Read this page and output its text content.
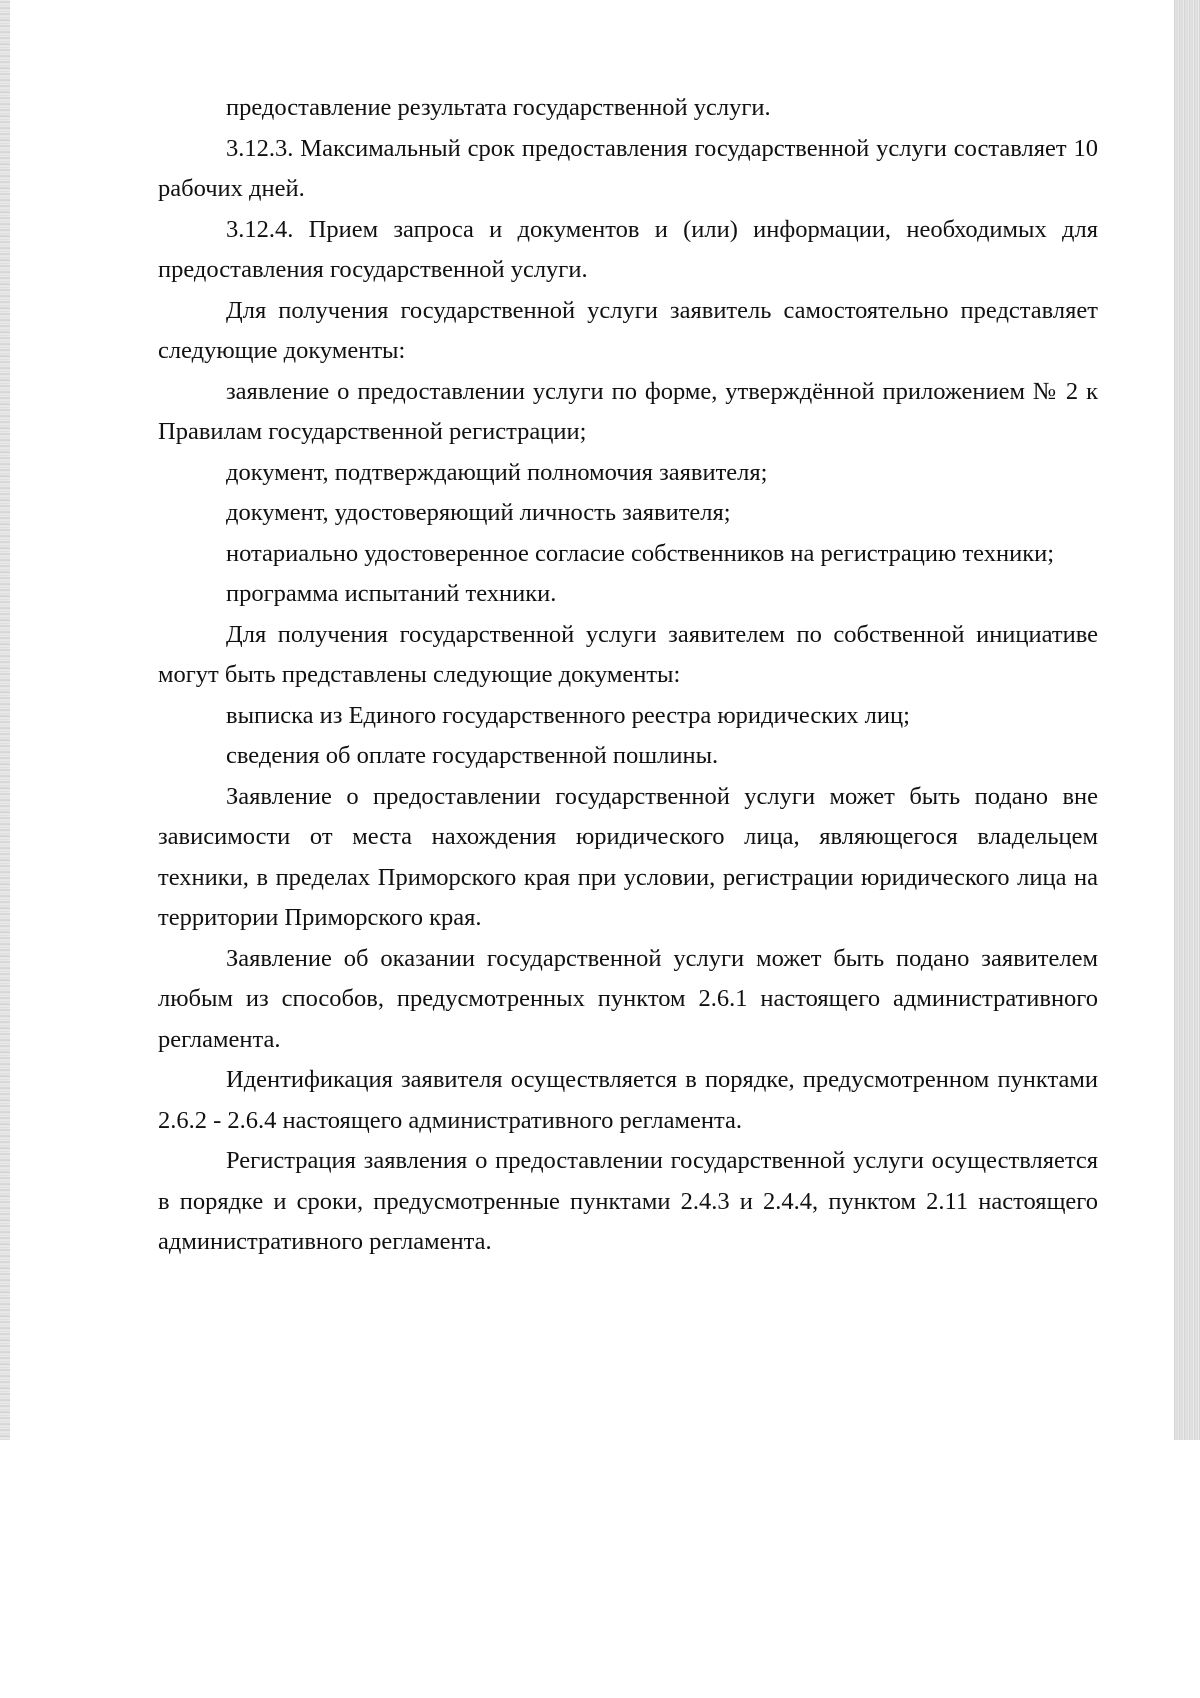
предоставление результата государственной услуги.

3.12.3. Максимальный срок предоставления государственной услуги составляет 10 рабочих дней.

3.12.4. Прием запроса и документов и (или) информации, необходимых для предоставления государственной услуги.

Для получения государственной услуги заявитель самостоятельно представляет следующие документы:

заявление о предоставлении услуги по форме, утверждённой приложением № 2 к Правилам государственной регистрации;

документ, подтверждающий полномочия заявителя;

документ, удостоверяющий личность заявителя;

нотариально удостоверенное согласие собственников на регистрацию техники;

программа испытаний техники.

Для получения государственной услуги заявителем по собственной инициативе могут быть представлены следующие документы:

выписка из Единого государственного реестра юридических лиц;

сведения об оплате государственной пошлины.

Заявление о предоставлении государственной услуги может быть подано вне зависимости от места нахождения юридического лица, являющегося владельцем техники, в пределах Приморского края при условии, регистрации юридического лица на территории Приморского края.

Заявление об оказании государственной услуги может быть подано заявителем любым из способов, предусмотренных пунктом 2.6.1 настоящего административного регламента.

Идентификация заявителя осуществляется в порядке, предусмотренном пунктами 2.6.2 - 2.6.4 настоящего административного регламента.

Регистрация заявления о предоставлении государственной услуги осуществляется в порядке и сроки, предусмотренные пунктами 2.4.3 и 2.4.4, пунктом 2.11 настоящего административного регламента.
